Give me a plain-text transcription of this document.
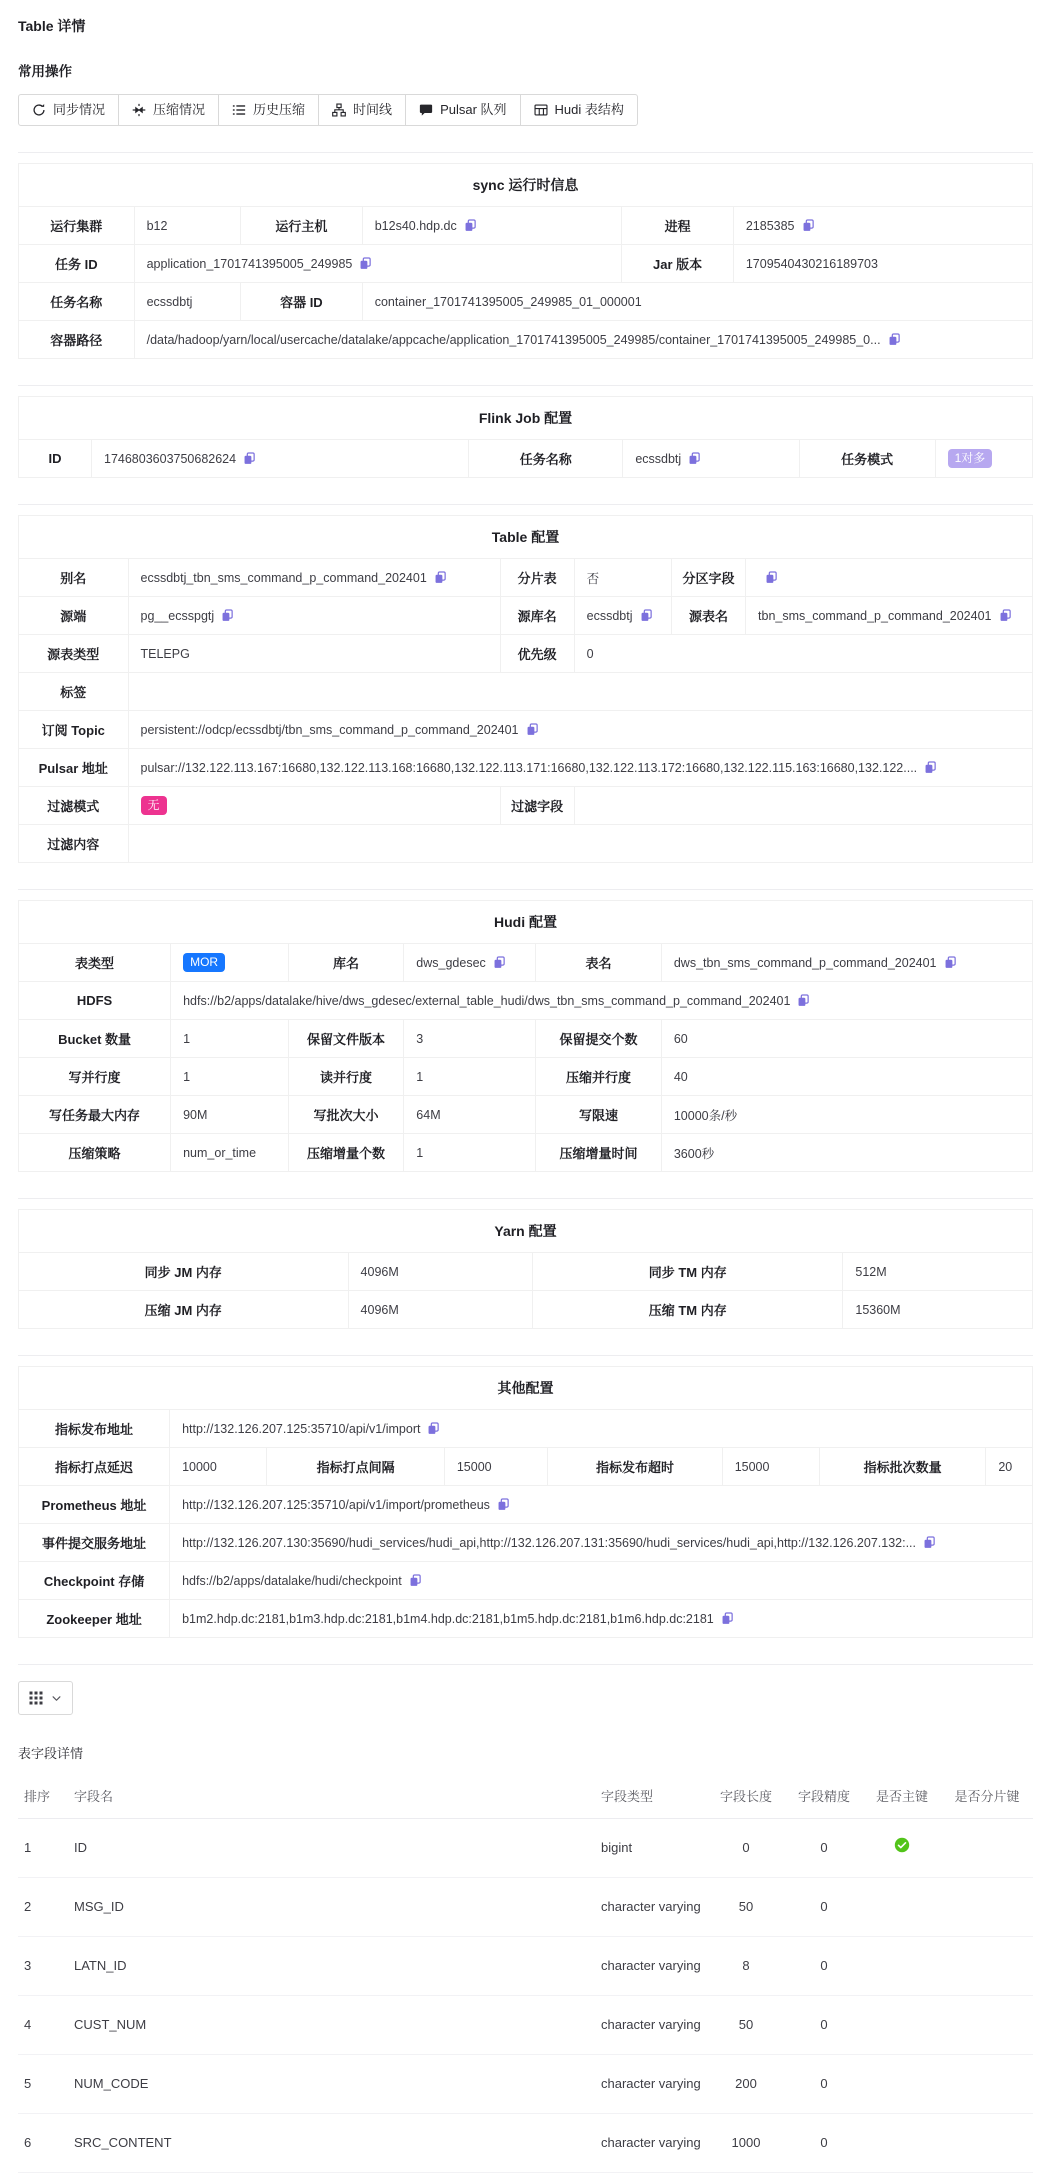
Table 详情
常用操作
同步情况	压缩情况	历史压缩	时间线	Pulsar 队列	Hudi 表结构
sync 运行时信息					
运行集群	b12	运行主机	b12s40.hdp.dc	进程	2185385

任务 ID	application_1701741395005_249985			Jar 版本	1709540430216189703
任务名称	ecssdbtj	容器 ID	container_1701741395005_249985_01_000001		
容器路径	/data/hadoop/yarn/local/usercache/datalake/appcache/application_1701741395005_249985/container_1701741395005_249985_0...				
Flink Job 配置
ID	1746803603750682624	任务名称	ecssdbtj	任务模式	1对多
Table 配置					
别名	ecssdbtj_tbn_sms_command_p_command_202401	分片表	否	分区字段	

源端	pg__ecsspgtj	源库名	ecssdbtj	源表名	tbn_sms_command_p_command_202401

源表类型	TELEPG	优先级	0		
标签					
订阅 Topic	persistent://odcp/ecssdbtj/tbn_sms_command_p_command_202401				

Pulsar 地址	pulsar://132.122.113.167:16680,132.122.113.168:16680,132.122.113.171:16680,132.122.113.172:16680,132.122.115.163:16680,132.122....				

过滤模式	无	过滤字段			
过滤内容					
Hudi 配置					
表类型	MOR	库名	dws_gdesec	表名	dws_tbn_sms_command_p_command_202401

HDFS	hdfs://b2/apps/datalake/hive/dws_gdesec/external_table_hudi/dws_tbn_sms_command_p_command_202401				

Bucket 数量	1	保留文件版本	3	保留提交个数	60
写并行度	1	读并行度	1	压缩并行度	40
写任务最大内存	90M	写批次大小	64M	写限速	10000条/秒
压缩策略	num_or_time	压缩增量个数	1	压缩增量时间	3600秒
Yarn 配置			
同步 JM 内存	4096M	同步 TM 内存	512M
压缩 JM 内存	4096M	压缩 TM 内存	15360M
其他配置							
指标发布地址	http://132.126.207.125:35710/api/v1/import						

指标打点延迟	10000	指标打点间隔	15000	指标发布超时	15000	指标批次数量	20
Prometheus 地址	http://132.126.207.125:35710/api/v1/import/prometheus						

事件提交服务地址	http://132.126.207.130:35690/hudi_services/hudi_api,http://132.126.207.131:35690/hudi_services/hudi_api,http://132.126.207.132:...						

Checkpoint 存储	hdfs://b2/apps/datalake/hudi/checkpoint						

Zookeeper 地址	b1m2.hdp.dc:2181,b1m3.hdp.dc:2181,b1m4.hdp.dc:2181,b1m5.hdp.dc:2181,b1m6.hdp.dc:2181						
表字段详情
排序	字段名	字段类型	字段长度	字段精度	是否主键	是否分片键
1	ID	bigint	0	0	

2	MSG_ID	character varying	50	0		
3	LATN_ID	character varying	8	0		
4	CUST_NUM	character varying	50	0		
5	NUM_CODE	character varying	200	0		
6	SRC_CONTENT	character varying	1000	0		
